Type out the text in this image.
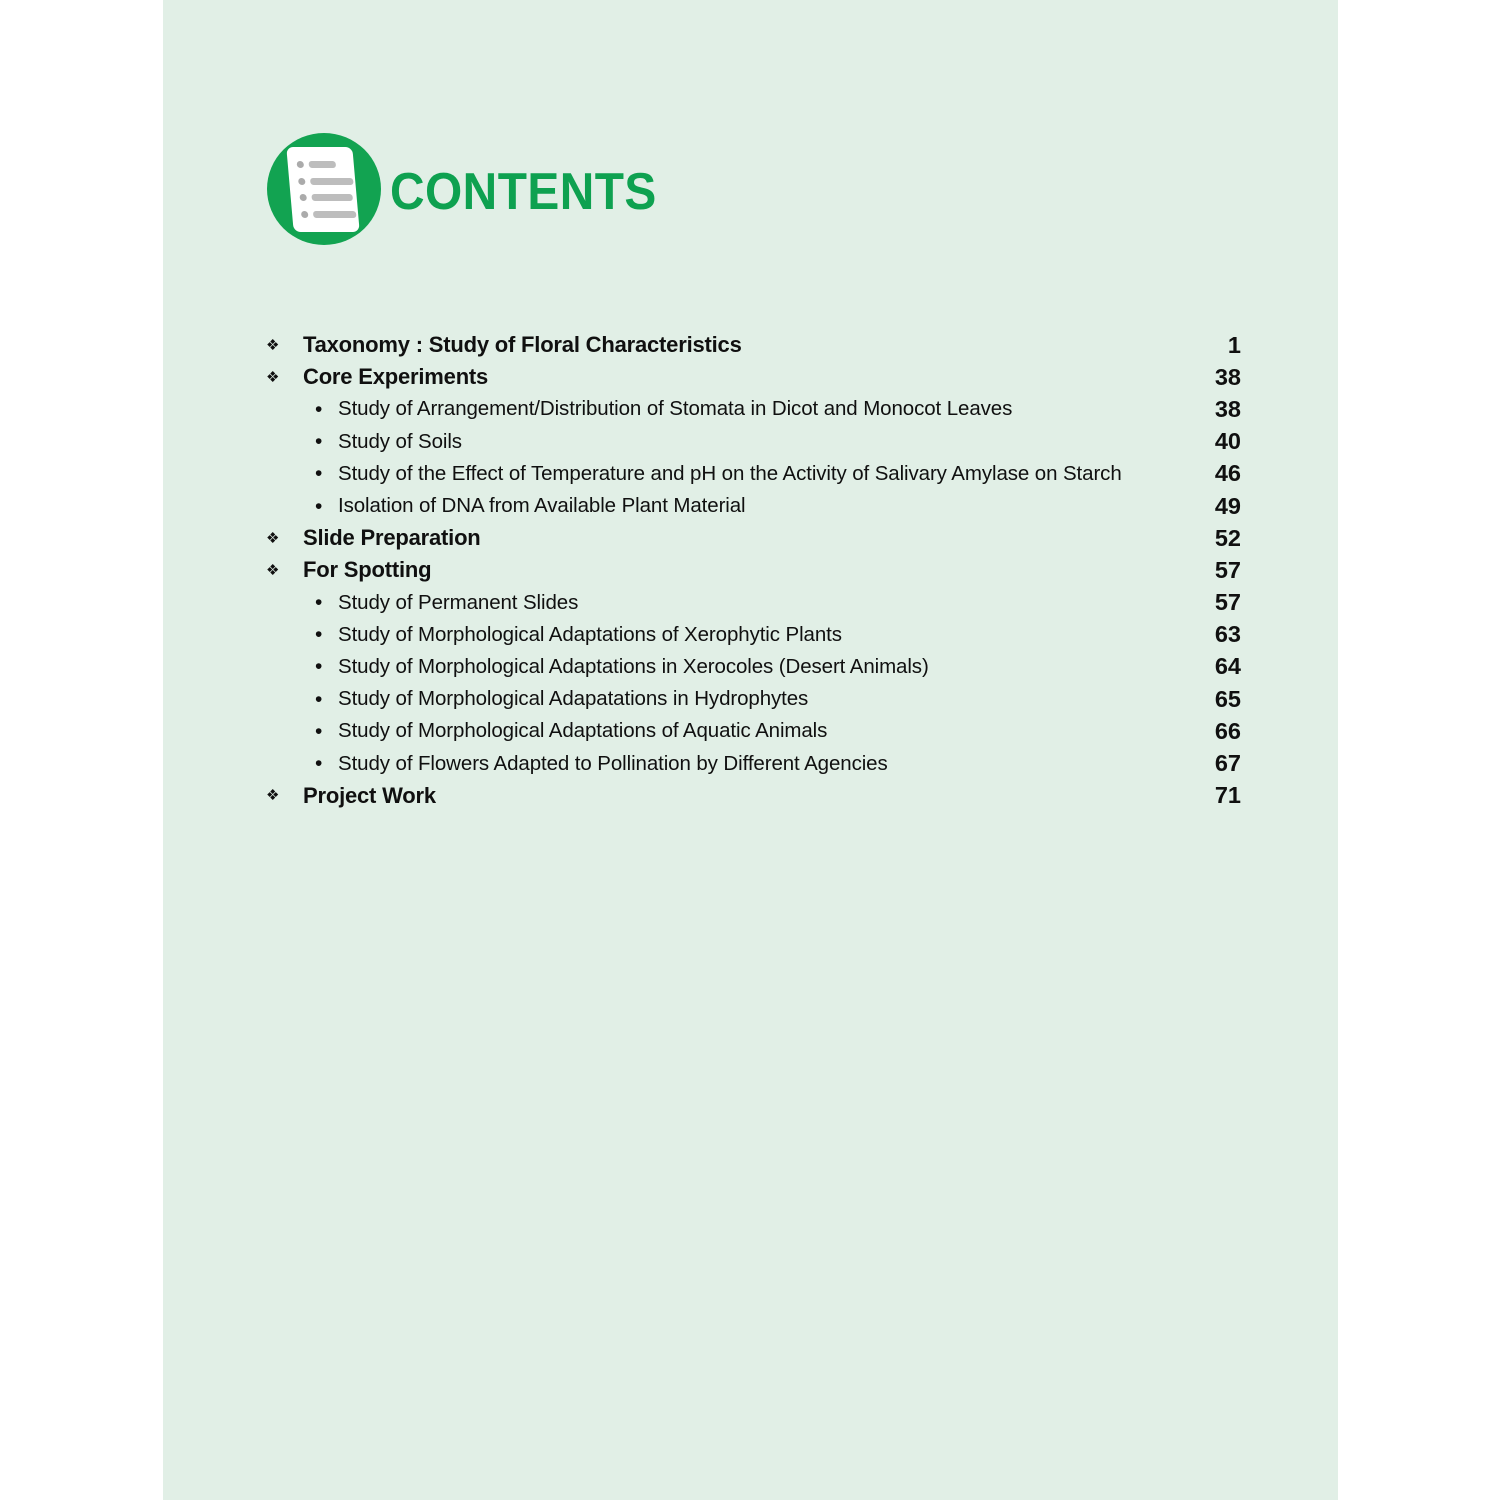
CONTENTS
❖	Taxonomy : Study of Floral Characteristics	1
❖	Core Experiments	38
• Study of Arrangement/Distribution of Stomata in Dicot and Monocot Leaves	38
• Study of Soils	40
• Study of the Effect of Temperature and pH on the Activity of Salivary Amylase on Starch	46
• Isolation of DNA from Available Plant Material	49
❖	Slide Preparation	52
❖	For Spotting	57
• Study of Permanent Slides	57
• Study of Morphological Adaptations of Xerophytic Plants	63
• Study of Morphological Adaptations in Xerocoles (Desert Animals)	64
• Study of Morphological Adapatations in Hydrophytes	65
• Study of Morphological Adaptations of Aquatic Animals	66
• Study of Flowers Adapted to Pollination by Different Agencies	67
❖	Project Work	71
